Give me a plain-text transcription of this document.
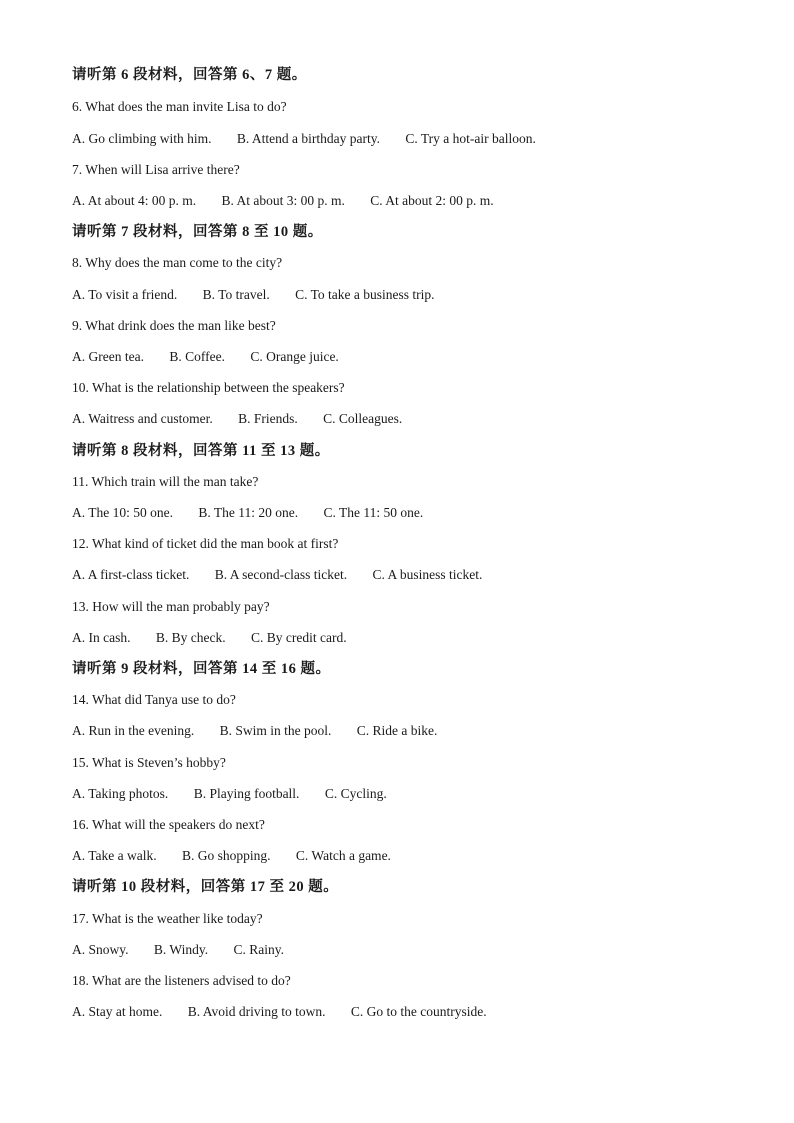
请听第 6 段材料，回答第 6、7 题。
6. What does the man invite Lisa to do?
A. Go climbing with him. B. Attend a birthday party. C. Try a hot-air balloon.
7. When will Lisa arrive there?
A. At about 4: 00 p. m. B. At about 3: 00 p. m. C. At about 2: 00 p. m.
请听第 7 段材料，回答第 8 至 10 题。
8. Why does the man come to the city?
A. To visit a friend. B. To travel. C. To take a business trip.
9. What drink does the man like best?
A. Green tea. B. Coffee. C. Orange juice.
10. What is the relationship between the speakers?
A. Waitress and customer. B. Friends. C. Colleagues.
请听第 8 段材料，回答第 11 至 13 题。
11. Which train will the man take?
A. The 10: 50 one. B. The 11: 20 one. C. The 11: 50 one.
12. What kind of ticket did the man book at first?
A. A first-class ticket. B. A second-class ticket. C. A business ticket.
13. How will the man probably pay?
A. In cash. B. By check. C. By credit card.
请听第 9 段材料，回答第 14 至 16 题。
14. What did Tanya use to do?
A. Run in the evening. B. Swim in the pool. C. Ride a bike.
15. What is Steven’s hobby?
A. Taking photos. B. Playing football. C. Cycling.
16. What will the speakers do next?
A. Take a walk. B. Go shopping. C. Watch a game.
请听第 10 段材料，回答第 17 至 20 题。
17. What is the weather like today?
A. Snowy. B. Windy. C. Rainy.
18. What are the listeners advised to do?
A. Stay at home. B. Avoid driving to town. C. Go to the countryside.
